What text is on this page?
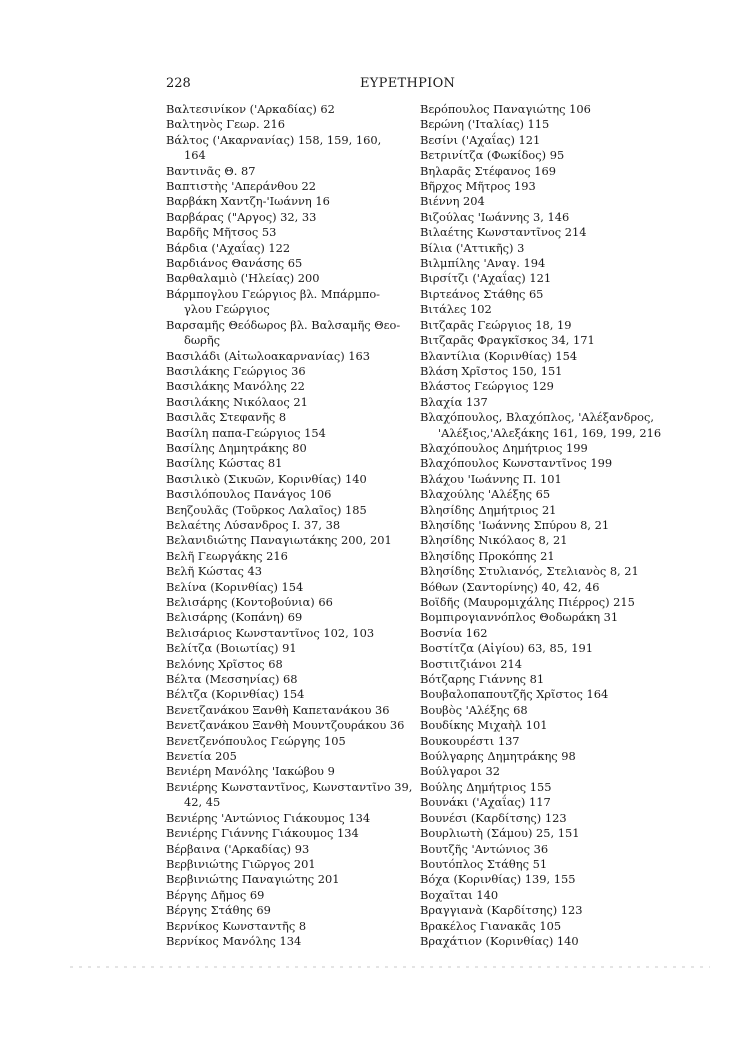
228	ΕΥΡΕΤΗΡΙΟΝ
Βαλτεσινίκον ('Αρκαδίας) 62
Βαλτηνὸς Γεωρ. 216
Βάλτος ('Ακαρνανίας) 158, 159, 160,
164
Βαντινᾶς Θ. 87
Βαπτιστὴς 'Απεράνθου 22
Βαρβάκη Χαντζη-'Ιωάννη 16
Βαρβάρας ("Αργος) 32, 33
Βαρδῆς Μῆτσος 53
Βάρδια ('Αχαΐας) 122
Βαρδιάνος Θανάσης 65
Βαρθαλαμιὸ ('Ηλείας) 200
Βάρμπογλου Γεώργιος βλ. Μπάρμπο-
γλου Γεώργιος
Βαρσαμῆς Θεόδωρος βλ. Βαλσαμῆς Θεο-
δωρῆς
Βασιλάδι (Αἰτωλοακαρνανίας) 163
Βασιλάκης Γεώργιος 36
Βασιλάκης Μανόλης 22
Βασιλάκης Νικόλαος 21
Βασιλᾶς Στεφανῆς 8
Βασίλη παπα-Γεώργιος 154
Βασίλης Δημητράκης 80
Βασίλης Κώστας 81
Βασιλικὸ (Σικυῶν, Κορινθίας) 140
Βασιλόπουλος Πανάγος 106
Βεηζουλᾶς (Τοῦρκος Λαλαῖος) 185
Βελαέτης Λύσανδρος Ι. 37, 38
Βελανιδιώτης Παναγιωτάκης 200, 201
Βελῆ Γεωργάκης 216
Βελῆ Κώστας 43
Βελίνα (Κορινθίας) 154
Βελισάρης (Κοντοβούνια) 66
Βελισάρης (Κοπάνη) 69
Βελισάριος Κωνσταντῖνος 102, 103
Βελίτζα (Βοιωτίας) 91
Βελόνης Χρῖστος 68
Βέλτα (Μεσσηνίας) 68
Βέλτζα (Κορινθίας) 154
Βενετζανάκου Ξανθὴ Καπετανάκου 36
Βενετζανάκου Ξανθὴ Μουντζουράκου 36
Βενετζενόπουλος Γεώργης 105
Βενετία 205
Βενιέρη Μανόλης 'Ιακώβου 9
Βενιέρης Κωνσταντῖνος, Κωνσταντῖνο 39,
42, 45
Βενιέρης 'Αντώνιος Γιάκουμος 134
Βενιέρης Γιάννης Γιάκουμος 134
Βέρβαινα ('Αρκαδίας) 93
Βερβινιώτης Γιῶργος 201
Βερβινιώτης Παναγιώτης 201
Βέργης Δῆμος 69
Βέργης Στάθης 69
Βερνίκος Κωνσταντῆς 8
Βερνίκος Μανόλης 134
Βερόπουλος Παναγιώτης 106
Βερώνη ('Ιταλίας) 115
Βεσίνι ('Αχαΐας) 121
Βετρινίτζα (Φωκίδος) 95
Βηλαρᾶς Στέφανος 169
Βῆρχος Μῆτρος 193
Βιέννη 204
Βιζούλας 'Ιωάννης 3, 146
Βιλαέτης Κωνσταντῖνος 214
Βίλια ('Αττικῆς) 3
Βιλμπίλης 'Αναγ. 194
Βιρσίτζι ('Αχαΐας) 121
Βιρτεάνος Στάθης 65
Βιτάλες 102
Βιτζαρᾶς Γεώργιος 18, 19
Βιτζαρᾶς Φραγκῖσκος 34, 171
Βλαντίλια (Κορινθίας) 154
Βλάση Χρῖστος 150, 151
Βλάστος Γεώργιος 129
Βλαχία 137
Βλαχόπουλος, Βλαχόπλος, 'Αλέξανδρος,
'Αλέξιος,'Αλεξάκης 161, 169, 199, 216
Βλαχόπουλος Δημήτριος 199
Βλαχόπουλος Κωνσταντῖνος 199
Βλάχου 'Ιωάννης Π. 101
Βλαχούλης 'Αλέξης 65
Βλησίδης Δημήτριος 21
Βλησίδης 'Ιωάννης Σπύρου 8, 21
Βλησίδης Νικόλαος 8, 21
Βλησίδης Προκόπης 21
Βλησίδης Στυλιανός, Στελιανὸς 8, 21
Βόθων (Σαντορίνης) 40, 42, 46
Βοϊδῆς (Μαυρομιχάλης Πιέρρος) 215
Βομπιρογιαννόπλος Θοδωράκη 31
Βοσνία 162
Βοστίτζα (Αἰγίου) 63, 85, 191
Βοστιτζιάνοι 214
Βότζαρης Γιάννης 81
Βουβαλοπαπουτζῆς Χρῖστος 164
Βουβὸς 'Αλέξης 68
Βουδίκης Μιχαὴλ 101
Βουκουρέστι 137
Βούλγαρης Δημητράκης 98
Βούλγαροι 32
Βούλης Δημήτριος 155
Βουνάκι ('Αχαΐας) 117
Βουνέσι (Καρδίτσης) 123
Βουρλιωτὴ (Σάμου) 25, 151
Βουτζῆς 'Αντώνιος 36
Βουτόπλος Στάθης 51
Βόχα (Κορινθίας) 139, 155
Βοχαῖται 140
Βραγγιανὰ (Καρδίτσης) 123
Βρακέλος Γιανακᾶς 105
Βραχάτιον (Κορινθίας) 140
